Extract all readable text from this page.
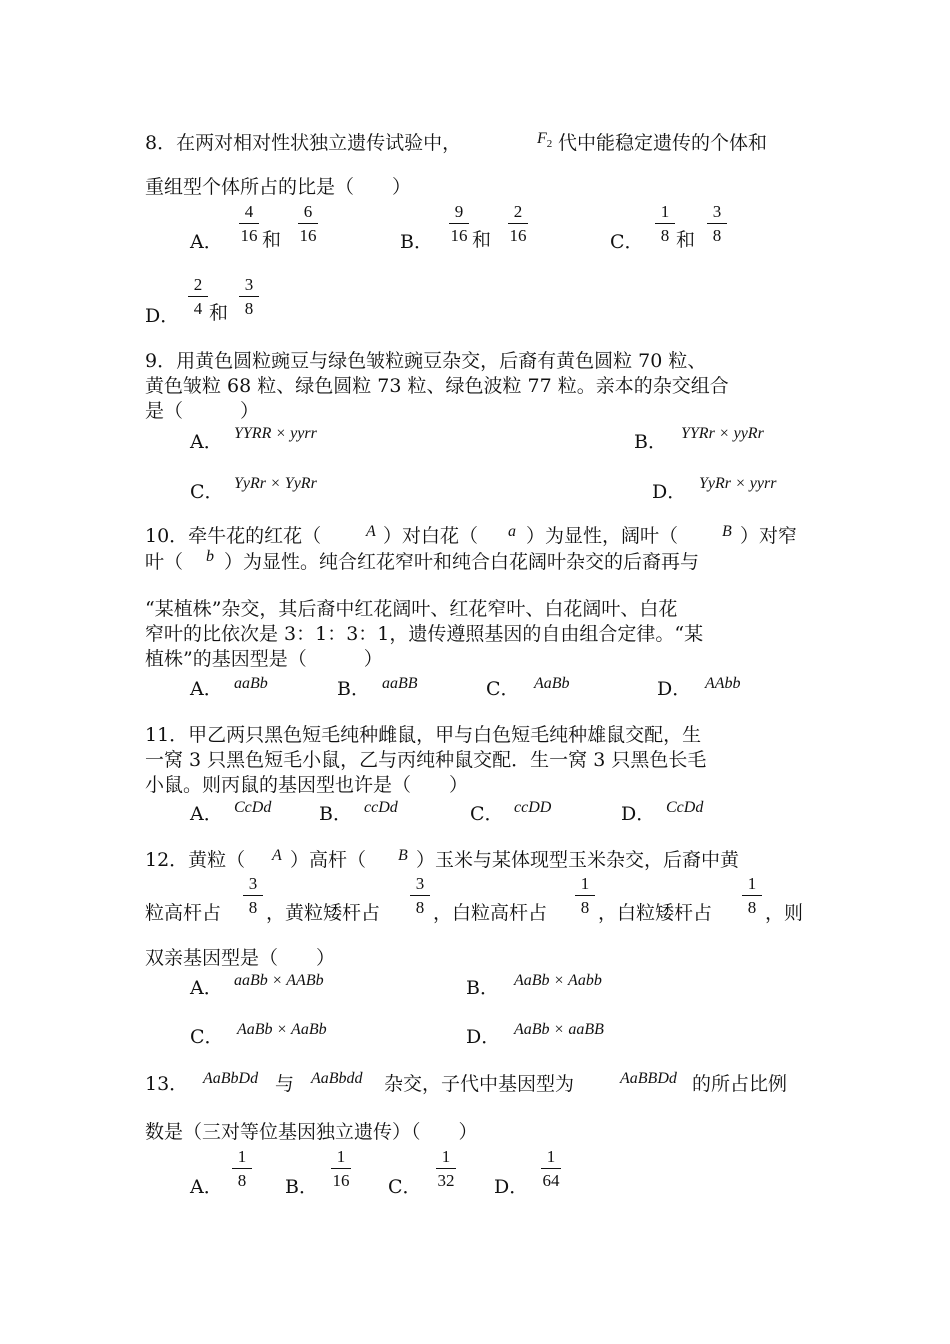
8．在两对相对性状独立遗传试验中，	$F_2$ 代中能稳定遗传的个体和
重组型个体所占的比是（　　）
A．
4
16 和
6
16	B．
9
16 和
2
16	C．
1
8 和
3
8
D．
2
4 和
3
8
9．用黄色圆粒豌豆与绿色皱粒豌豆杂交，后裔有黄色圆粒 70 粒、
黄色皱粒 68 粒、绿色圆粒 73 粒、绿色波粒 77 粒。亲本的杂交组合
是（　　　）
A． YYRR × yyrr	B． YYRr × yyRr
C． YyRr × YyRr	D． YyRr × yyrr
10．牵牛花的红花（	A ）对白花（ a ）为显性，阔叶（	B ）对窄
叶（ b ）为显性。纯合红花窄叶和纯合白花阔叶杂交的后裔再与
“某植株”杂交，其后裔中红花阔叶、红花窄叶、白花阔叶、白花
窄叶的比依次是 3：1：3：1，遗传遵照基因的自由组合定律。“某
植株”的基因型是（　　　）
A． aaBb	B． aaBB	C． AaBb	D． AAbb
11．甲乙两只黑色短毛纯种雌鼠，甲与白色短毛纯种雄鼠交配，生
一窝 3 只黑色短毛小鼠，乙与丙纯种鼠交配．生一窝 3 只黑色长毛
小鼠。则丙鼠的基因型也许是（　　）
A． CcDd	B． ccDd	C． ccDD	D． CcDd
12．黄粒（ A ）高杆（ B ）玉米与某体现型玉米杂交，后裔中黄
粒高杆占
3
8 ，黄粒矮杆占
3
8 ，白粒高杆占
1
8 ，白粒矮杆占
1
8 ，则
双亲基因型是（　　）
A． aaBb × AABb	B． AaBb × Aabb
C． AaBb × AaBb	D． AaBb × aaBB
13． AaBbDd 与 AaBbdd 杂交，子代中基因型为	AaBBDd 的所占比例
数是（三对等位基因独立遗传）（　　）
A．
1
8	B．
1
16 C．
1
32 D．
1
64
